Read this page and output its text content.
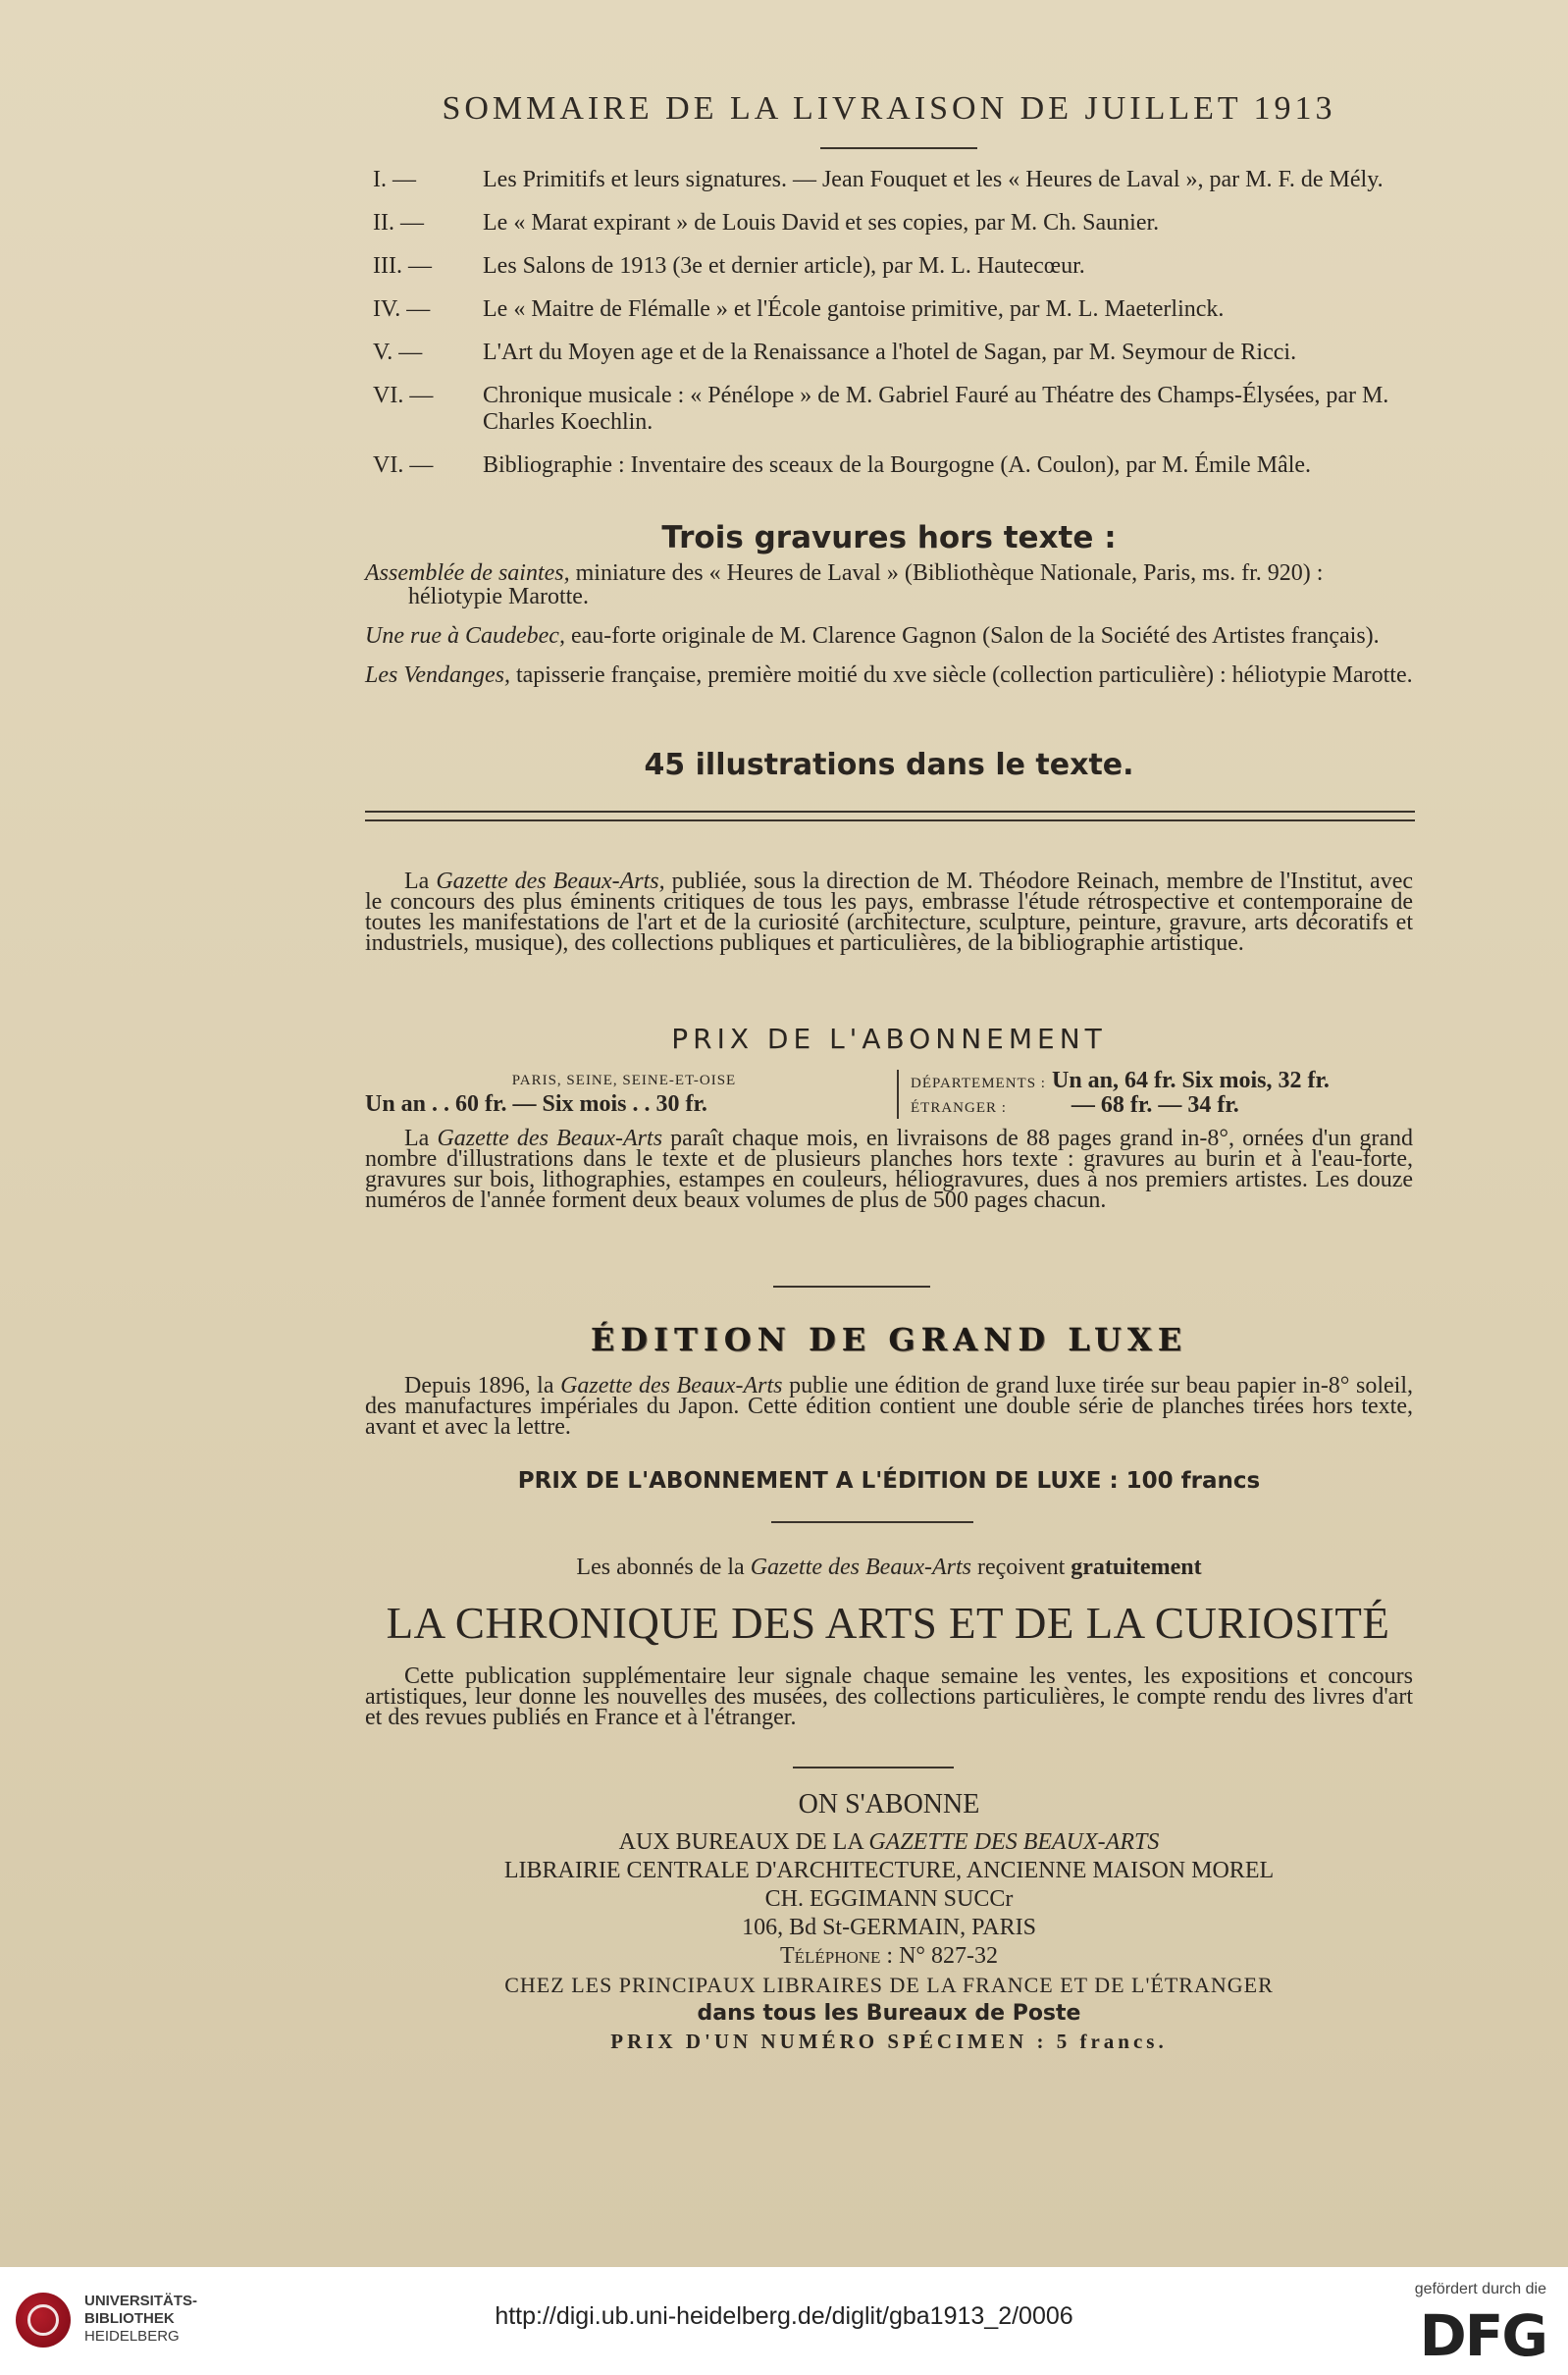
SOMMAIRE DE LA LIVRAISON DE JUILLET 1913
I. —	Les Primitifs et leurs signatures. — Jean Fouquet et les « Heures de Laval », par M. F. de Mély.
II. —	Le « Marat expirant » de Louis David et ses copies, par M. Ch. Saunier.
III. —	Les Salons de 1913 (3e et dernier article), par M. L. Hautecœur.
IV. —	Le « Maitre de Flémalle » et l'École gantoise primitive, par M. L. Maeterlinck.
V. —	L'Art du Moyen age et de la Renaissance a l'hotel de Sagan, par M. Seymour de Ricci.
VI. —	Chronique musicale : « Pénélope » de M. Gabriel Fauré au Théatre des Champs-Élysées, par M. Charles Koechlin.
VI. —	Bibliographie : Inventaire des sceaux de la Bourgogne (A. Coulon), par M. Émile Mâle.
Trois gravures hors texte :
Assemblée de saintes, miniature des « Heures de Laval » (Bibliothèque Nationale, Paris, ms. fr. 920) : héliotypie Marotte.
Une rue à Caudebec, eau-forte originale de M. Clarence Gagnon (Salon de la Société des Artistes français).
Les Vendanges, tapisserie française, première moitié du xve siècle (collection particulière) : héliotypie Marotte.
45 illustrations dans le texte.
La Gazette des Beaux-Arts, publiée, sous la direction de M. Théodore Reinach, membre de l'Institut, avec le concours des plus éminents critiques de tous les pays, embrasse l'étude rétrospective et contemporaine de toutes les manifestations de l'art et de la curiosité (architecture, sculpture, peinture, gravure, arts décoratifs et industriels, musique), des collections publiques et particulières, de la bibliographie artistique.
PRIX DE L'ABONNEMENT
PARIS, SEINE, SEINE-ET-OISE
Un an . . 60 fr. — Six mois . . 30 fr.
DÉPARTEMENTS : Un an, 64 fr. Six mois, 32 fr.
ÉTRANGER :	— 68 fr. — 34 fr.
La Gazette des Beaux-Arts paraît chaque mois, en livraisons de 88 pages grand in-8°, ornées d'un grand nombre d'illustrations dans le texte et de plusieurs planches hors texte : gravures au burin et à l'eau-forte, gravures sur bois, lithographies, estampes en couleurs, héliogravures, dues à nos premiers artistes. Les douze numéros de l'année forment deux beaux volumes de plus de 500 pages chacun.
ÉDITION DE GRAND LUXE
Depuis 1896, la Gazette des Beaux-Arts publie une édition de grand luxe tirée sur beau papier in-8° soleil, des manufactures impériales du Japon. Cette édition contient une double série de planches tirées hors texte, avant et avec la lettre.
PRIX DE L'ABONNEMENT A L'ÉDITION DE LUXE : 100 francs
Les abonnés de la Gazette des Beaux-Arts reçoivent gratuitement
LA CHRONIQUE DES ARTS ET DE LA CURIOSITÉ
Cette publication supplémentaire leur signale chaque semaine les ventes, les expositions et concours artistiques, leur donne les nouvelles des musées, des collections particulières, le compte rendu des livres d'art et des revues publiés en France et à l'étranger.
ON S'ABONNE
AUX BUREAUX DE LA GAZETTE DES BEAUX-ARTS
LIBRAIRIE CENTRALE D'ARCHITECTURE, ANCIENNE MAISON MOREL
CH. EGGIMANN SUCCr
106, Bd St-GERMAIN, PARIS
Téléphone : N° 827-32
CHEZ LES PRINCIPAUX LIBRAIRES DE LA FRANCE ET DE L'ÉTRANGER
dans tous les Bureaux de Poste
PRIX D'UN NUMÉRO SPÉCIMEN : 5 francs.
UNIVERSITÄTS-
BIBLIOTHEK
HEIDELBERG
http://digi.ub.uni-heidelberg.de/diglit/gba1913_2/0006
gefördert durch die
DFG
